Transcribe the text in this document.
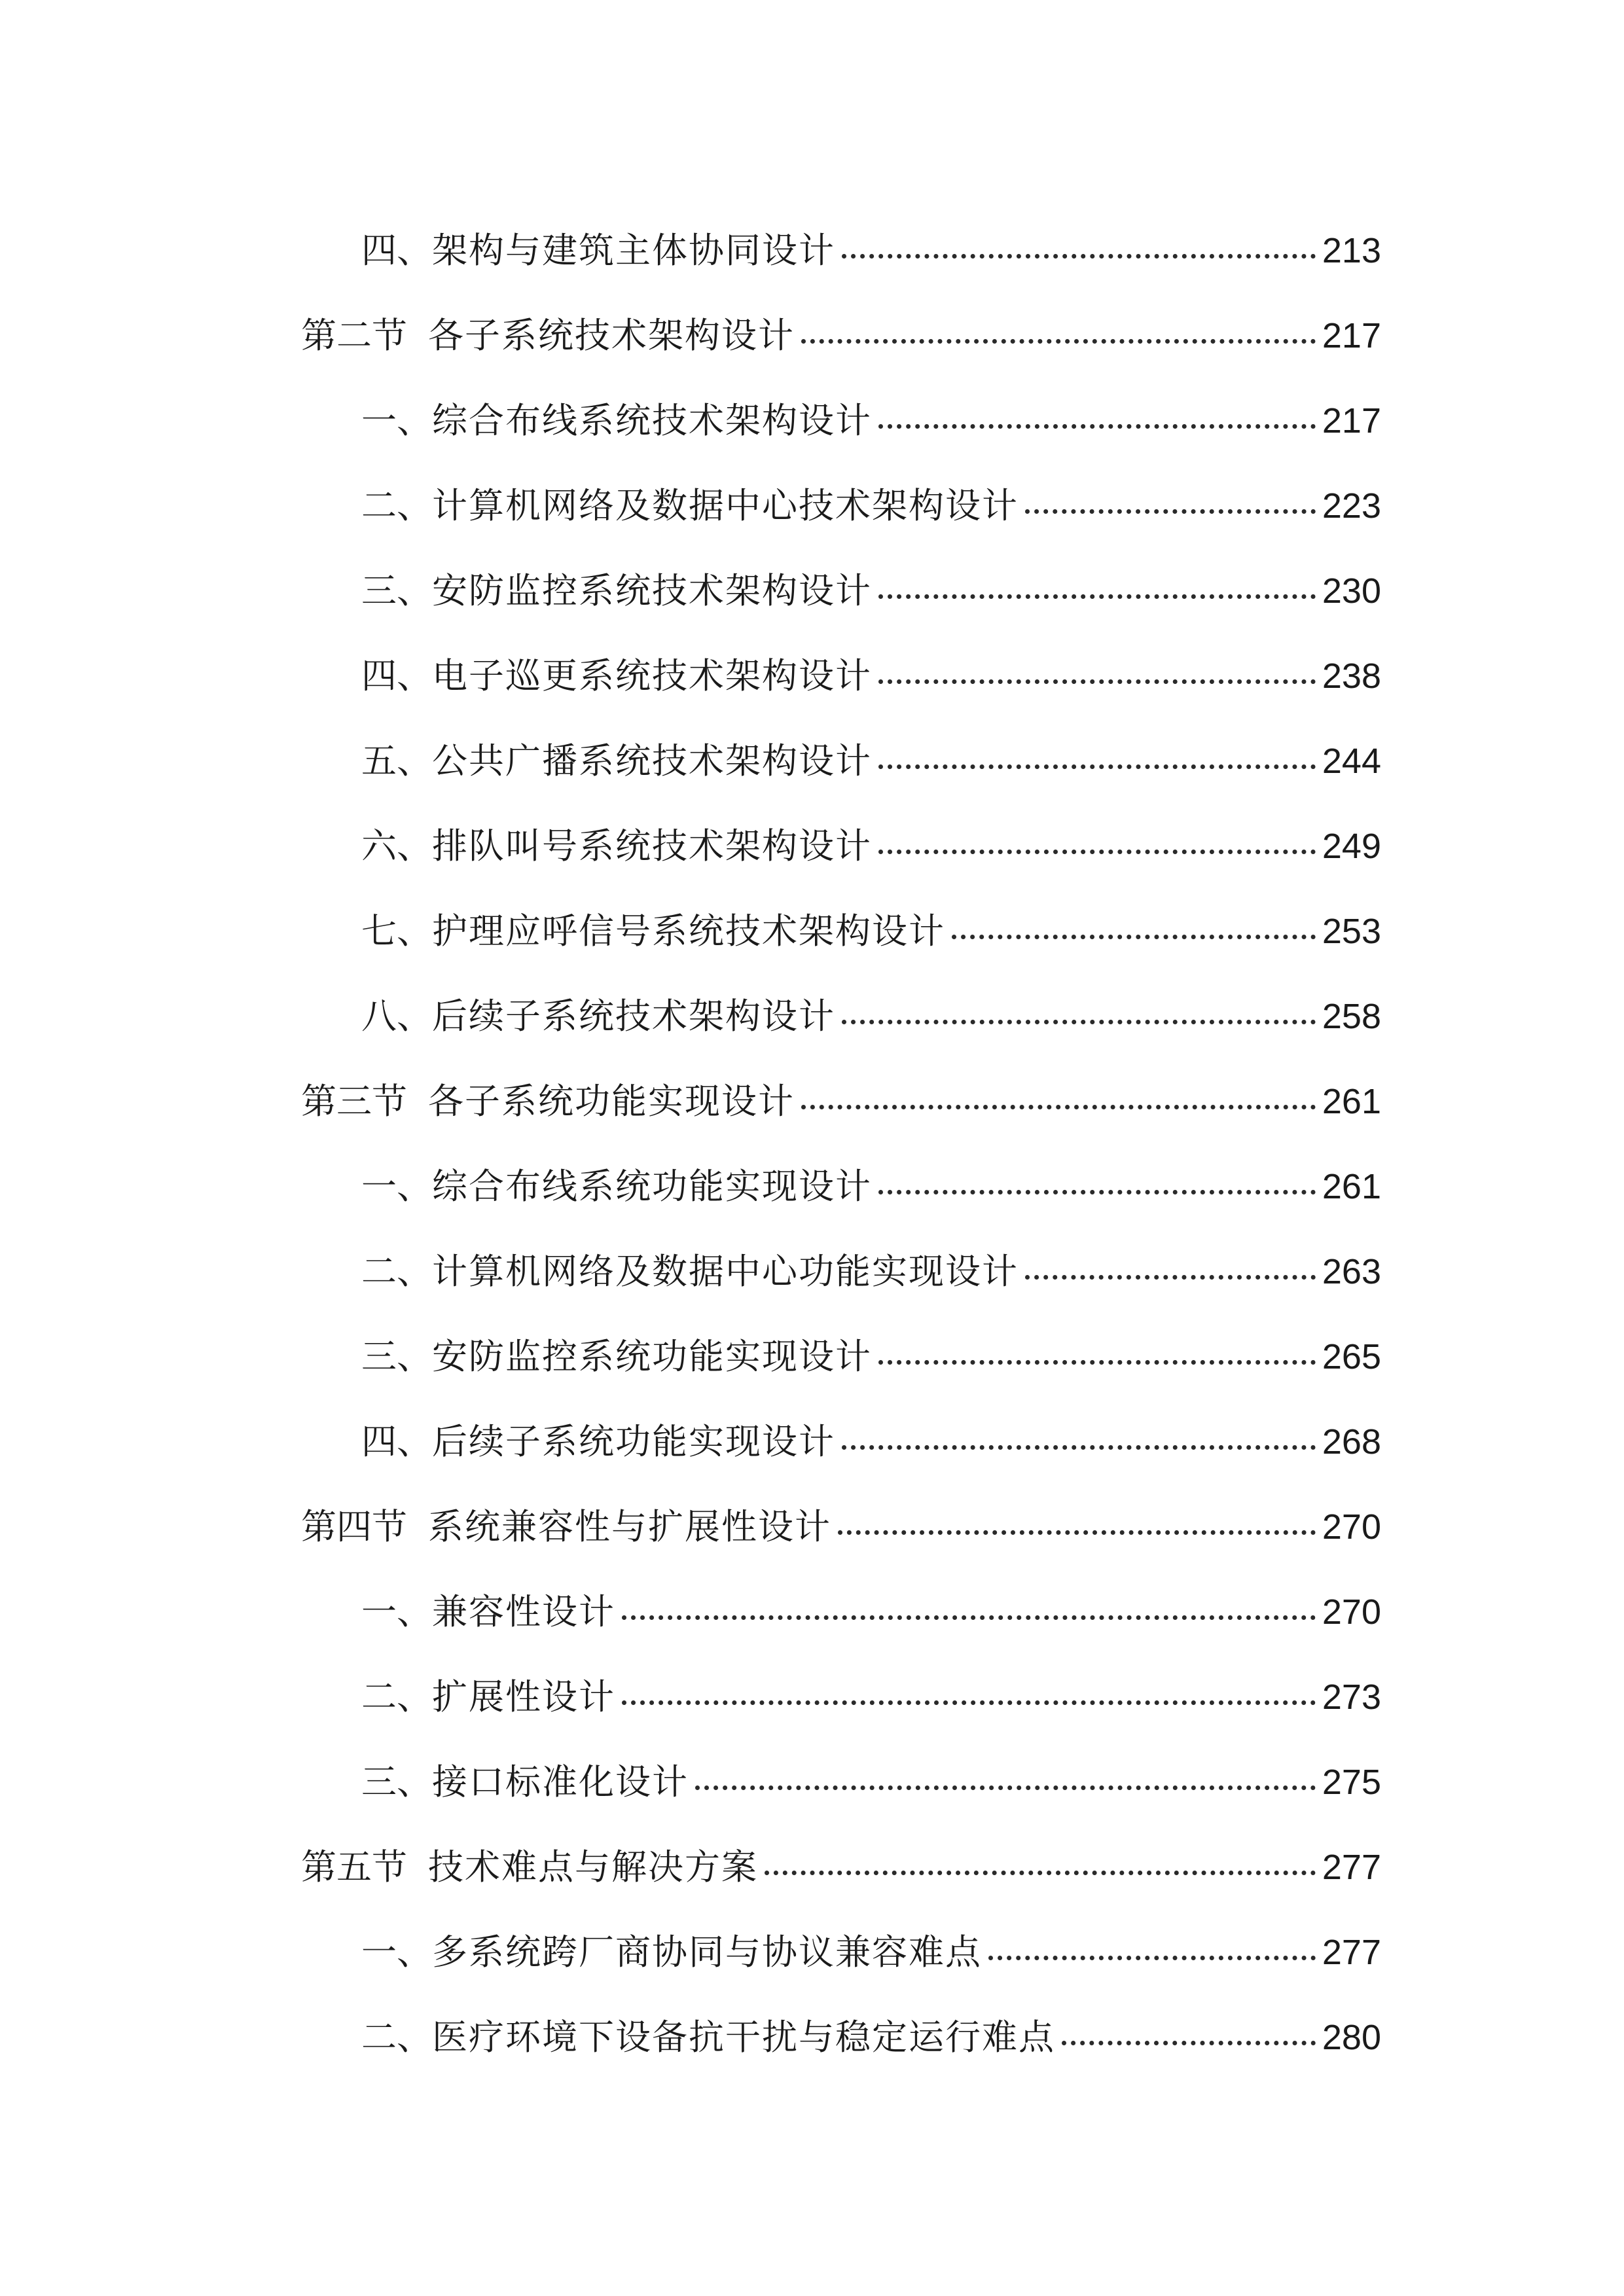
四、 架构与建筑主体协同设计	213
第二节 各子系统技术架构设计	217
一、 综合布线系统技术架构设计	217
二、 计算机网络及数据中心技术架构设计	223
三、 安防监控系统技术架构设计	230
四、 电子巡更系统技术架构设计	238
五、 公共广播系统技术架构设计	244
六、 排队叫号系统技术架构设计	249
七、 护理应呼信号系统技术架构设计	253
八、 后续子系统技术架构设计	258
第三节 各子系统功能实现设计	261
一、 综合布线系统功能实现设计	261
二、 计算机网络及数据中心功能实现设计	263
三、 安防监控系统功能实现设计	265
四、 后续子系统功能实现设计	268
第四节 系统兼容性与扩展性设计	270
一、 兼容性设计	270
二、 扩展性设计	273
三、 接口标准化设计	275
第五节 技术难点与解决方案	277
一、 多系统跨厂商协同与协议兼容难点	277
二、 医疗环境下设备抗干扰与稳定运行难点	280
